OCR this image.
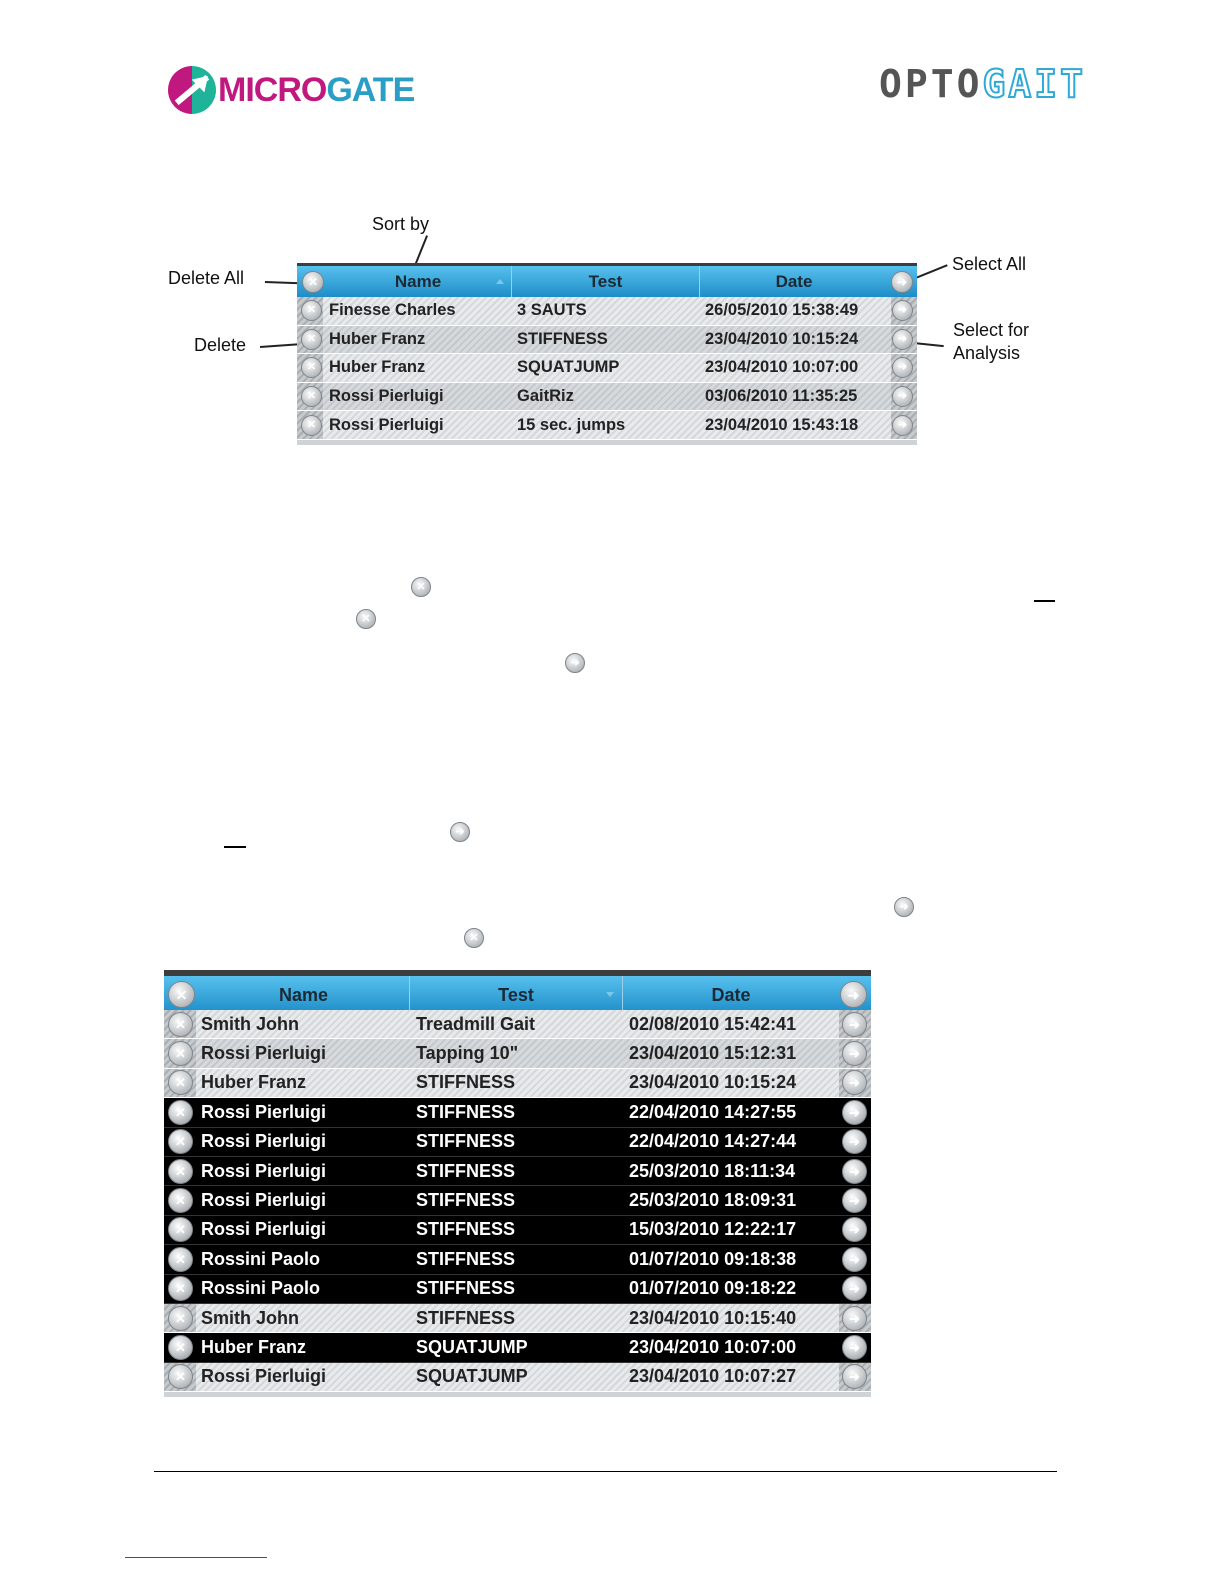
MICROGATE	OPTOGAIT
Sort by
Delete All
Delete
Select All
Select for
Analysis
✕
Name	Test	Date
➜
✕
➜
Finesse Charles	3 SAUTS	26/05/2010 15:38:49
✕
➜
Huber Franz	STIFFNESS	23/04/2010 10:15:24
✕
➜
Huber Franz	SQUATJUMP	23/04/2010 10:07:00
✕
➜
Rossi Pierluigi	GaitRiz	03/06/2010 11:35:25
✕
➜
Rossi Pierluigi	15 sec. jumps	23/04/2010 15:43:18
✕
✕
➜
➜
➜
✕
✕
Name	Test	Date
➜
✕
➜
Smith John	Treadmill Gait	02/08/2010 15:42:41
✕
➜
Rossi Pierluigi	Tapping 10"	23/04/2010 15:12:31
✕
➜
Huber Franz	STIFFNESS	23/04/2010 10:15:24
✕
➜
Rossi Pierluigi	STIFFNESS	22/04/2010 14:27:55
✕
➜
Rossi Pierluigi	STIFFNESS	22/04/2010 14:27:44
✕
➜
Rossi Pierluigi	STIFFNESS	25/03/2010 18:11:34
✕
➜
Rossi Pierluigi	STIFFNESS	25/03/2010 18:09:31
✕
➜
Rossi Pierluigi	STIFFNESS	15/03/2010 12:22:17
✕
➜
Rossini Paolo	STIFFNESS	01/07/2010 09:18:38
✕
➜
Rossini Paolo	STIFFNESS	01/07/2010 09:18:22
✕
➜
Smith John	STIFFNESS	23/04/2010 10:15:40
✕
➜
Huber Franz	SQUATJUMP	23/04/2010 10:07:00
✕
➜
Rossi Pierluigi	SQUATJUMP	23/04/2010 10:07:27
